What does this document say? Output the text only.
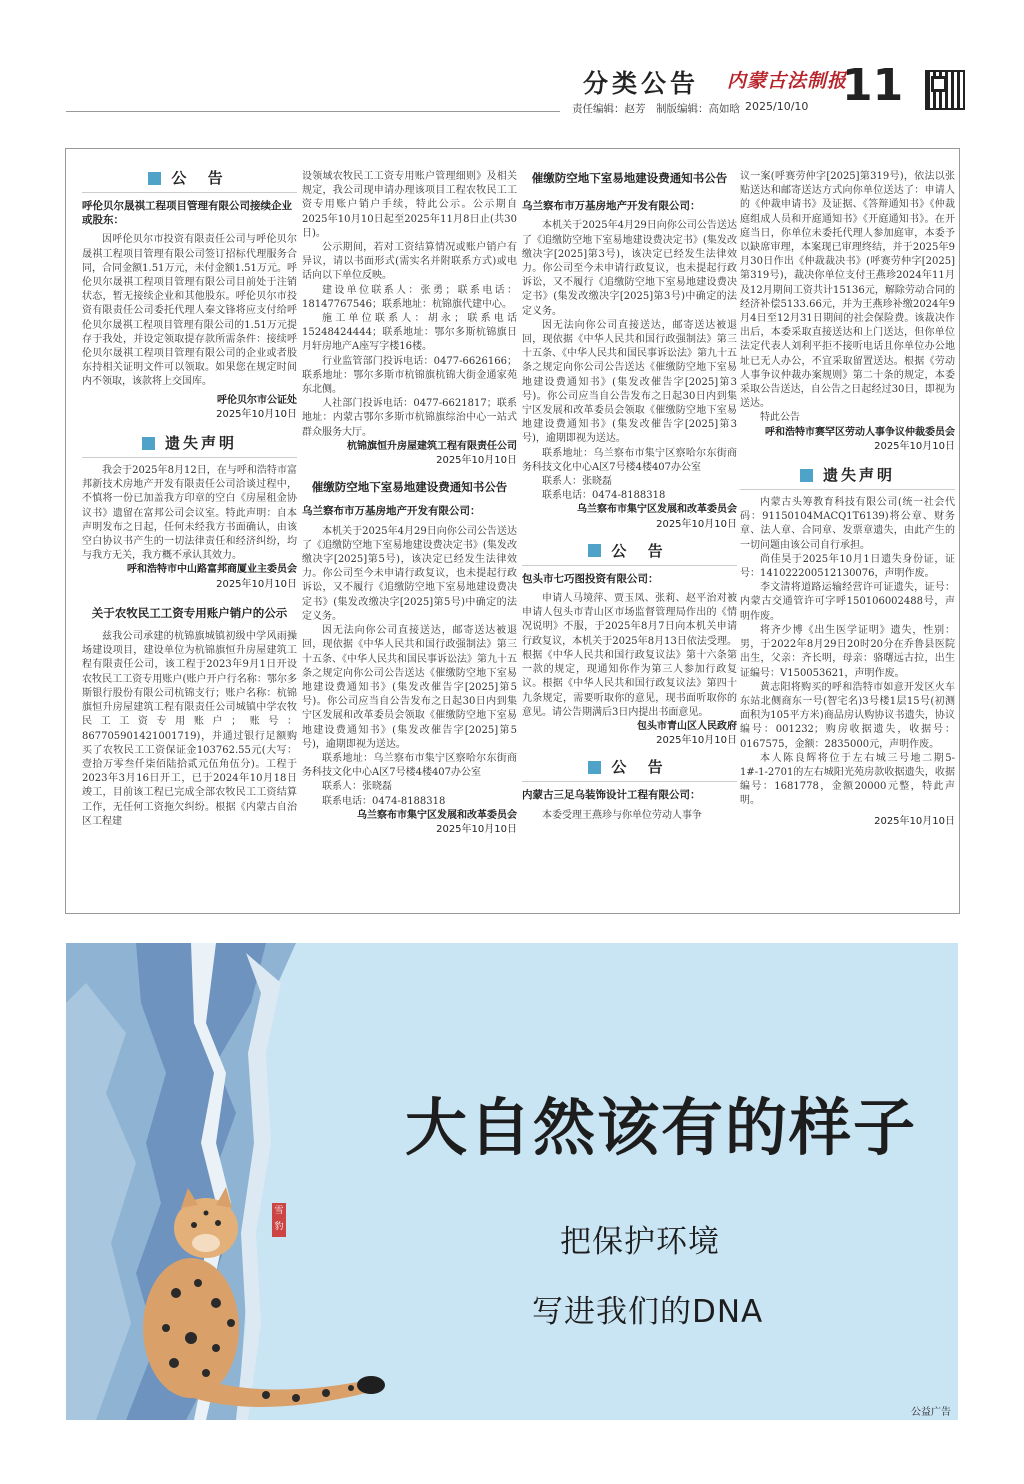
分类公告 内蒙古法制报
11
责任编辑：赵芳　制版编辑：高如晗 2025/10/10
公 告
呼伦贝尔晟祺工程项目管理有限公司接续企业或股东：

因呼伦贝尔市投资有限责任公司与呼伦贝尔晟祺工程项目管理有限公司签订招标代理服务合同，合同金额1.51万元，未付金额1.51万元。呼伦贝尔晟祺工程项目管理有限公司目前处于注销状态，暂无接续企业和其他股东。呼伦贝尔市投资有限责任公司委托代理人秦文锋将应支付给呼伦贝尔晟祺工程项目管理有限公司的1.51万元提存于我处，并设定领取提存款所需条件：接续呼伦贝尔晟祺工程项目管理有限公司的企业或者股东持相关证明文件可以领取。如果您在规定时间内不领取，该款将上交国库。

呼伦贝尔市公证处
2025年10月10日
遗失声明

我会于2025年8月12日，在与呼和浩特市富邦新技术房地产开发有限责任公司洽谈过程中，不慎将一份已加盖我方印章的空白《房屋租金协议书》遗留在富邦公司会议室。特此声明：自本声明发布之日起，任何未经我方书面确认，由该空白协议书产生的一切法律责任和经济纠纷，均与我方无关，我方概不承认其效力。

呼和浩特市中山路富邦商厦业主委员会
2025年10月10日
关于农牧民工工资专用账户销户的公示

兹我公司承建的杭锦旗城镇初级中学风雨操场建设项目，建设单位为杭锦旗恒升房屋建筑工程有限责任公司，该工程于2023年9月1日开设农牧民工工资专用账户(账户开户行名称：鄂尔多斯银行股份有限公司杭锦支行；账户名称：杭锦旗恒升房屋建筑工程有限责任公司城镇中学农牧民工工资专用账户；账号：8677059014210017​19)，并通过银行足额购买了农牧民工工资保证金103762.55元(大写：壹拾万零叁仟柒佰陆拾贰元伍角伍分)。工程于2023年3月16日开工，已于2024年10月18日竣工，目前该工程已完成全部农牧民工工资结算工作，无任何工资拖欠纠纷。根据《内蒙古自治区工程建

设领域农牧民工工资专用账户管理细则》及相关规定，我公司现申请办理该项目工程农牧民工工资专用账户销户手续，特此公示。公示期自2025年10月10日起至2025年11月8日止(共30日)。

公示期间，若对工资结算情况或账户销户有异议，请以书面形式(需实名并附联系方式)或电话向以下单位反映。

建设单位联系人：张勇；联系电话：18147767546；联系地址：杭锦旗代建中心。

施工单位联系人：胡永；联系电话15248424444；联系地址：鄂尔多斯杭锦旗日月轩房地产A座写字楼16楼。

行业监管部门投诉电话：0477-6626166；联系地址：鄂尔多斯市杭锦旗杭锦大街金通家苑东北侧。

人社部门投诉电话：0477-6621817；联系地址：内蒙古鄂尔多斯市杭锦旗综治中心一站式群众服务大厅。

杭锦旗恒升房屋建筑工程有限责任公司
2025年10月10日
催缴防空地下室易地建设费通知书公告
乌兰察布市万基房地产开发有限公司：

本机关于2025年4月29日向你公司公告送达了《追缴防空地下室易地建设费决定书》(集发改缴决字[2025]第5号)，该决定已经发生法律效力。你公司至今未申请行政复议，也未提起行政诉讼，又不履行《追缴防空地下室易地建设费决定书》(集发改缴决字[2025]第5号)中确定的法定义务。

因无法向你公司直接送达，邮寄送达被退回，现依据《中华人民共和国行政强制法》第三十五条、《中华人民共和国民事诉讼法》第九十五条之规定向你公司公告送达《催缴防空地下室易地建设费通知书》(集发改催告字[2025]第5号)。你公司应当自公告发布之日起30日内到集宁区发展和改革委员会领取《催缴防空地下室易地建设费通知书》(集发改催告字[2025]第5号)，逾期即视为送达。

联系地址：乌兰察布市集宁区察哈尔东街商务科技文化中心A区7号楼4楼407办公室

联系人：张晓磊

联系电话：0474-8188318

乌兰察布市集宁区发展和改革委员会
2025年10月10日
催缴防空地下室易地建设费通知书公告
乌兰察布市万基房地产开发有限公司：

本机关于2025年4月29日向你公司公告送达了《追缴防空地下室易地建设费决定书》(集发改缴决字[2025]第3号)，该决定已经发生法律效力。你公司至今未申请行政复议，也未提起行政诉讼，又不履行《追缴防空地下室易地建设费决定书》(集发改缴决字[2025]第3号)中确定的法定义务。

因无法向你公司直接送达，邮寄送达被退回，现依据《中华人民共和国行政强制法》第三十五条、《中华人民共和国民事诉讼法》第九十五条之规定向你公司公告送达《催缴防空地下室易地建设费通知书》(集发改催告字[2025]第3号)。你公司应当自公告发布之日起30日内到集宁区发展和改革委员会领取《催缴防空地下室易地建设费通知书》(集发改催告字[2025]第3号)，逾期即视为送达。

联系地址：乌兰察布市集宁区察哈尔东街商务科技文化中心A区7号楼4楼407办公室

联系人：张晓磊

联系电话：0474-8188318

乌兰察布市集宁区发展和改革委员会
2025年10月10日
公 告
包头市七巧图投资有限公司：

申请人马境萍、贾玉凤、张莉、赵平治对被申请人包头市青山区市场监督管理局作出的《情况说明》不服，于2025年8月7日向本机关申请行政复议，本机关于2025年8月13日依法受理。根据《中华人民共和国行政复议法》第十六条第一款的规定，现通知你作为第三人参加行政复议。根据《中华人民共和国行政复议法》第四十九条规定，需要听取你的意见，现书面听取你的意见。请公告期满后3日内提出书面意见。

包头市青山区人民政府
2025年10月10日
公 告
内蒙古三足乌装饰设计工程有限公司：

本委受理王燕珍与你单位劳动人事争

议一案(呼赛劳仲字[2025]第319号)，依法以张贴送达和邮寄送达方式向你单位送达了：申请人的《仲裁申请书》及证据、《答辩通知书》《仲裁庭组成人员和开庭通知书》《开庭通知书》。在开庭当日，你单位未委托代理人参加庭审，本委予以缺席审理，本案现已审理终结，并于2025年9月30日作出《仲裁裁决书》(呼赛劳仲字[2025]第319号)，裁决你单位支付王燕珍2024年11月及12月期间工资共计15136元，解除劳动合同的经济补偿5133.66元，并为王燕珍补缴2024年9月4日至12月31日期间的社会保险费。该裁决作出后，本委采取直接送达和上门送达，但你单位法定代表人刘利平拒不接听电话且你单位办公地址已无人办公，不宜采取留置送达。根据《劳动人事争议仲裁办案规则》第二十条的规定，本委采取公告送达，自公告之日起经过30日，即视为送达。

特此公告

呼和浩特市赛罕区劳动人事争议仲裁委员会
2025年10月10日
遗失声明

内蒙古头筹教育科技有限公司(统一社会代码：91150104MACQ1T6139)将公章、财务章、法人章、合同章、发票章遗失，由此产生的一切问题由该公司自行承担。

尚佳昊于2025年10月1日遗失身份证，证号：14102220051213007​6，声明作废。

李文清将道路运输经营许可证遗失，证号：内蒙古交通管许可字呼150106002488号，声明作废。

将齐少博《出生医学证明》遗失，性别：男，于2022年8月29日20时20分在乔鲁县医院出生，父亲：齐长明，母亲：骆曙远古拉，出生证编号：V150053621，声明作废。

黄志阳将购买的呼和浩特市如意开发区火车东站北侧商东一号(智宅名)3号楼1层15号(初测面积为105平方米)商品房认购协议书遗失，协议编号：001232；购房收据遗失，收据号：0167575，金额：2835000元，声明作废。

本人陈良辉将位于左右城三号地二期5-1#-1-2701的左右城阳光苑房款收据遗失，收据编号：1681778，金额20000元整，特此声明。

2025年10月10日
雪豹
大自然该有的样子
把保护环境
写进我们的DNA
公益广告
